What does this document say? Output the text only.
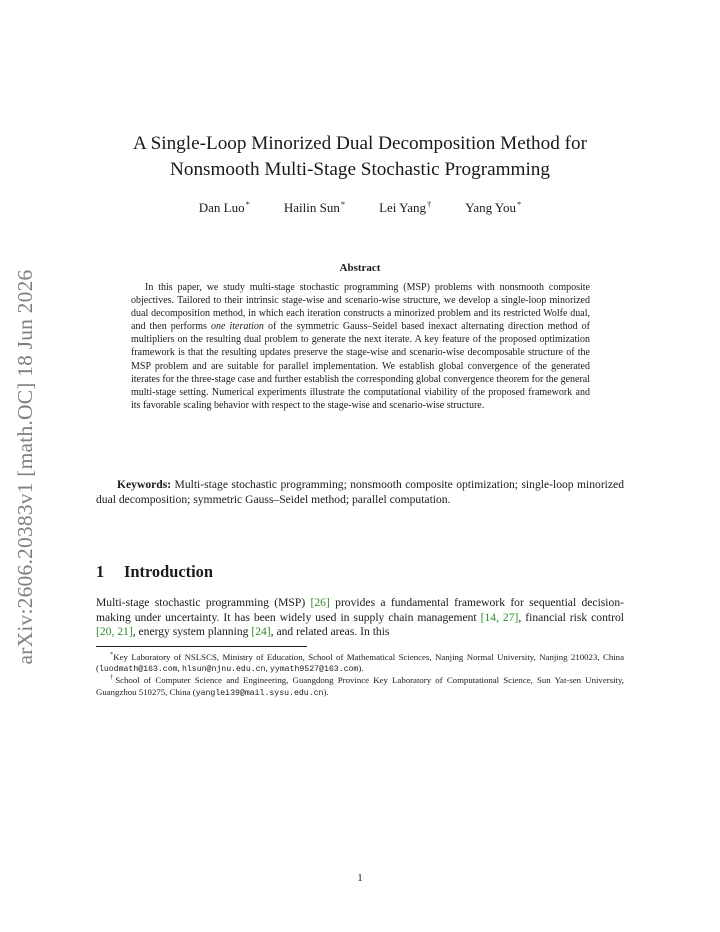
arXiv:2606.20383v1 [math.OC] 18 Jun 2026
A Single-Loop Minorized Dual Decomposition Method for
Nonsmooth Multi-Stage Stochastic Programming
Dan Luo*	Hailin Sun*	Lei Yang†	Yang You*
Abstract

In this paper, we study multi-stage stochastic programming (MSP) problems with nonsmooth composite objectives. Tailored to their intrinsic stage-wise and scenario-wise structure, we develop a single-loop minorized dual decomposition method, in which each iteration constructs a minorized problem and its restricted Wolfe dual, and then performs one iteration of the symmetric Gauss–Seidel based inexact alternating direction method of multipliers on the resulting dual problem to generate the next iterate. A key feature of the proposed optimization framework is that the resulting updates preserve the stage-wise and scenario-wise decomposable structure of the MSP problem and are suitable for parallel implementation. We establish global convergence of the generated iterates for the three-stage case and further establish the corresponding global convergence theorem for the general multi-stage setting. Numerical experiments illustrate the computational viability of the proposed framework and its favorable scaling behavior with respect to the stage-wise and scenario-wise structure.

Keywords: Multi-stage stochastic programming; nonsmooth composite optimization; single-loop minorized dual decomposition; symmetric Gauss–Seidel method; parallel computation.

1 Introduction

Multi-stage stochastic programming (MSP) [26] provides a fundamental framework for sequential decision-making under uncertainty. It has been widely used in supply chain management [14, 27], financial risk control [20, 21], energy system planning [24], and related areas. In this

*Key Laboratory of NSLSCS, Ministry of Education, School of Mathematical Sciences, Nanjing Normal University, Nanjing 210023, China (luodmath@163.com, hlsun@njnu.edu.cn, yymath9527@163.com).

†School of Computer Science and Engineering, Guangdong Province Key Laboratory of Computational Science, Sun Yat-sen University, Guangzhou 510275, China (yanglei39@mail.sysu.edu.cn).

1
